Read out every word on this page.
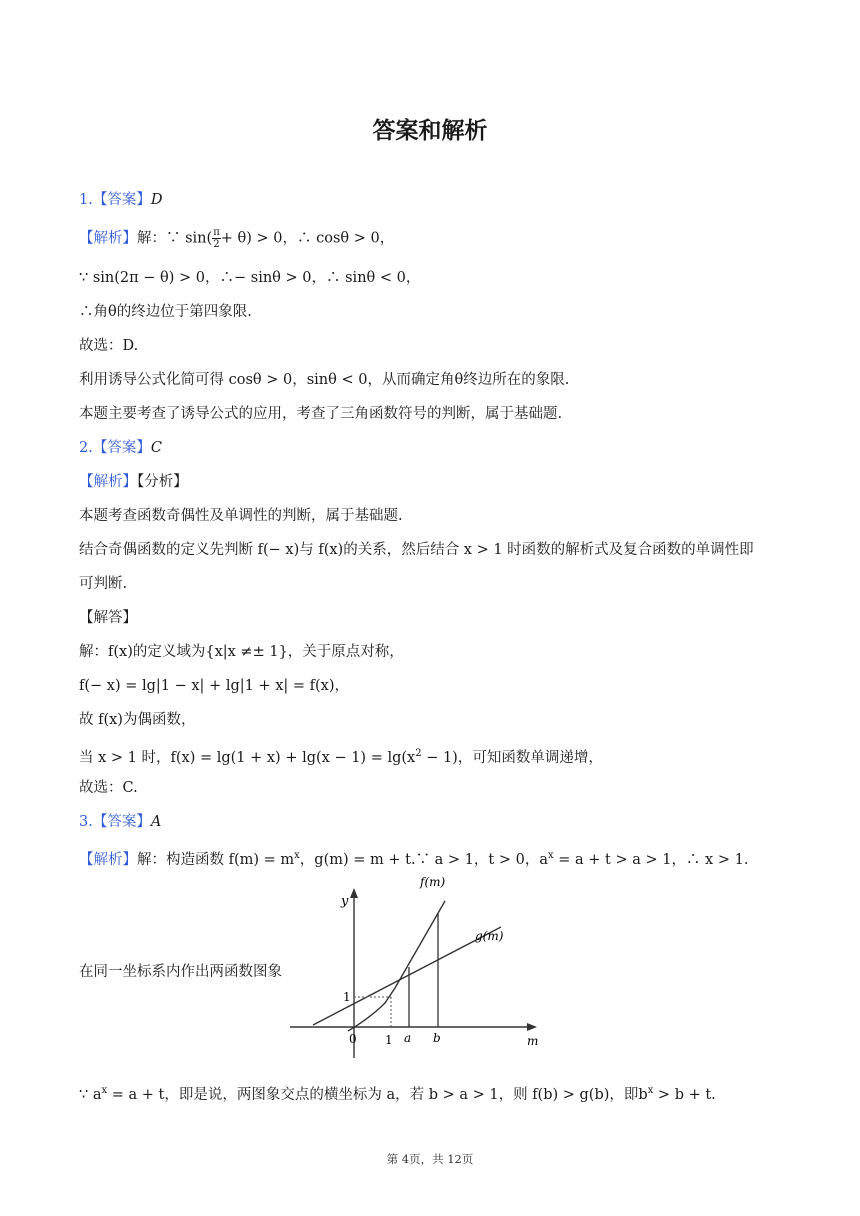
答案和解析
1.【答案】D
【解析】解：∵ $\sin( \frac{\pi}{2} + \theta) > 0$，∴ cosθ > 0，
∵ sin(2π − θ) > 0，∴− sinθ > 0，∴ sinθ < 0，
∴角θ的终边位于第四象限.
故选：D.
利用诱导公式化简可得 cosθ > 0，sinθ < 0，从而确定角θ终边所在的象限.
本题主要考查了诱导公式的应用，考查了三角函数符号的判断，属于基础题.
2.【答案】C
【解析】【分析】
本题考查函数奇偶性及单调性的判断，属于基础题.
结合奇偶函数的定义先判断 f(− x)与 f(x)的关系，然后结合 x > 1 时函数的解析式及复合函数的单调性即
可判断.
【解答】
解：f(x)的定义域为{x|x ≠± 1}，关于原点对称，
f(− x) = lg|1 − x| + lg|1 + x| = f(x)，
故 f(x)为偶函数，
当 x > 1 时，$f(x) = \lg(1 + x) + \lg(x - 1) = \lg(x^2 - 1)$，可知函数单调递增，
故选：C.
3.【答案】A
【解析】解：构造函数 $f(m) = m^x$，g(m) = m + t.∵ a > 1，t > 0，$a^x = a + t > a > 1$，∴ x > 1.
在同一坐标系内作出两函数图象
y
f(m)
g(m)
1
0 1 a b	m
∵ $a^x = a + t$，即是说，两图象交点的横坐标为 a，若 b > a > 1，则 f(b) > g(b)，即$b^x > b + t$.
第 4页，共 12页
